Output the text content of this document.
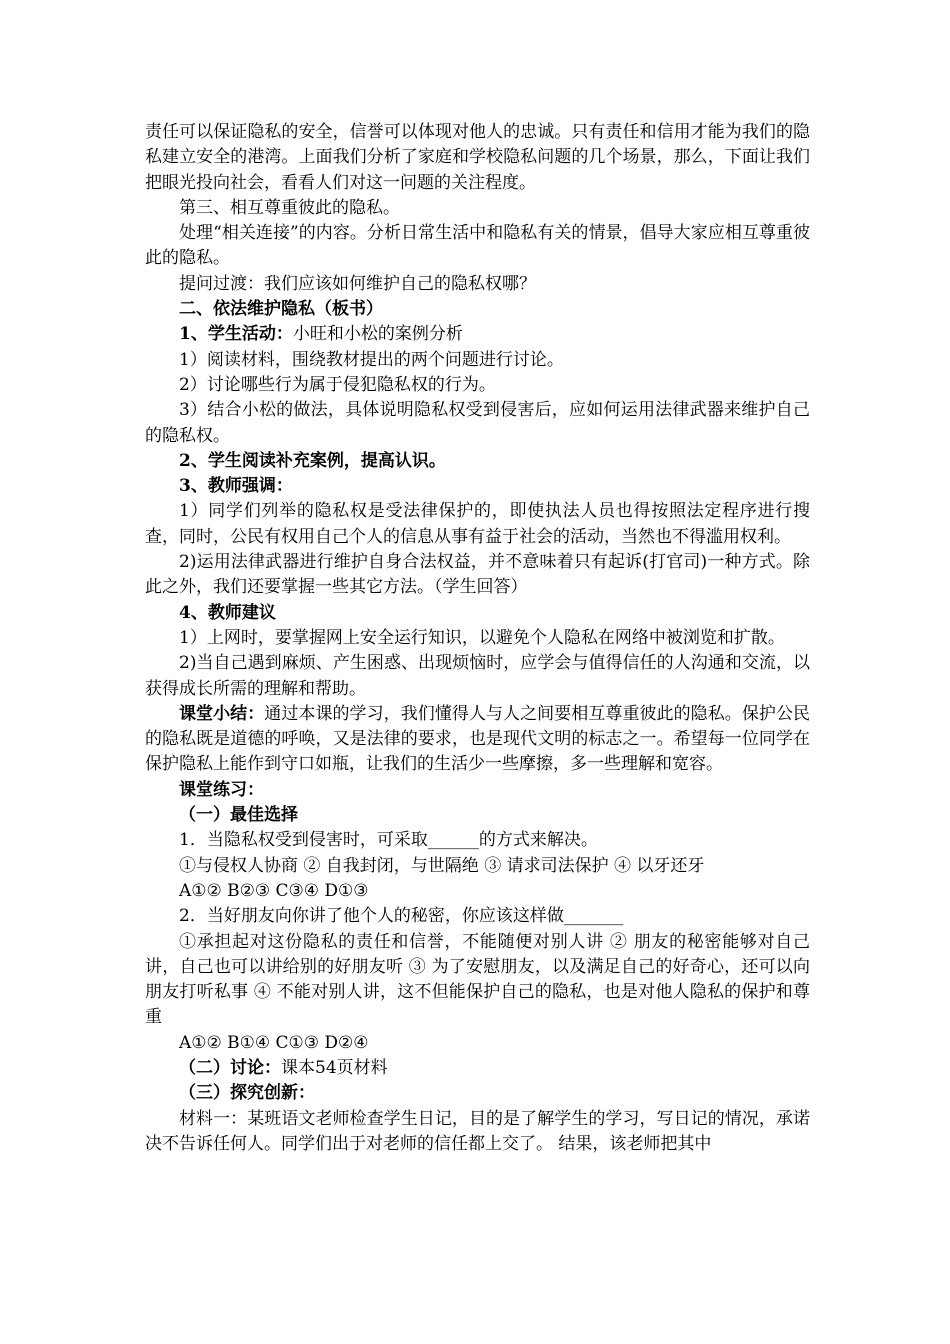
责任可以保证隐私的安全，信誉可以体现对他人的忠诚。只有责任和信用才能为我们的隐私建立安全的港湾。上面我们分析了家庭和学校隐私问题的几个场景，那么，下面让我们把眼光投向社会，看看人们对这一问题的关注程度。

第三、相互尊重彼此的隐私。

处理“相关连接”的内容。分析日常生活中和隐私有关的情景，倡导大家应相互尊重彼此的隐私。

提问过渡：我们应该如何维护自己的隐私权哪？

二、依法维护隐私（板书）

1、学生活动：小旺和小松的案例分析

1）阅读材料，围绕教材提出的两个问题进行讨论。

2）讨论哪些行为属于侵犯隐私权的行为。

3）结合小松的做法，具体说明隐私权受到侵害后，应如何运用法律武器来维护自己的隐私权。

2、学生阅读补充案例，提高认识。

3、教师强调：

1）同学们列举的隐私权是受法律保护的，即使执法人员也得按照法定程序进行搜查，同时，公民有权用自己个人的信息从事有益于社会的活动，当然也不得滥用权利。

2)运用法律武器进行维护自身合法权益，并不意味着只有起诉(打官司)一种方式。除此之外，我们还要掌握一些其它方法。（学生回答）

4、教师建议

1）上网时，要掌握网上安全运行知识，以避免个人隐私在网络中被浏览和扩散。

2)当自己遇到麻烦、产生困惑、出现烦恼时，应学会与值得信任的人沟通和交流，以获得成长所需的理解和帮助。

课堂小结：通过本课的学习，我们懂得人与人之间要相互尊重彼此的隐私。保护公民的隐私既是道德的呼唤，又是法律的要求，也是现代文明的标志之一。希望每一位同学在保护隐私上能作到守口如瓶，让我们的生活少一些摩擦，多一些理解和宽容。

课堂练习：

（一）最佳选择

1．当隐私权受到侵害时，可采取______的方式来解决。

①与侵权人协商 ② 自我封闭，与世隔绝 ③ 请求司法保护 ④ 以牙还牙

A①② B②③ C③④ D①③

2．当好朋友向你讲了他个人的秘密，你应该这样做_______

①承担起对这份隐私的责任和信誉，不能随便对别人讲 ② 朋友的秘密能够对自己讲，自己也可以讲给别的好朋友听 ③ 为了安慰朋友，以及满足自己的好奇心，还可以向朋友打听私事 ④ 不能对别人讲，这不但能保护自己的隐私，也是对他人隐私的保护和尊重

A①② B①④ C①③ D②④

（二）讨论：课本54页材料

（三）探究创新：

材料一：某班语文老师检查学生日记，目的是了解学生的学习，写日记的情况，承诺决不告诉任何人。同学们出于对老师的信任都上交了。 结果，该老师把其中
